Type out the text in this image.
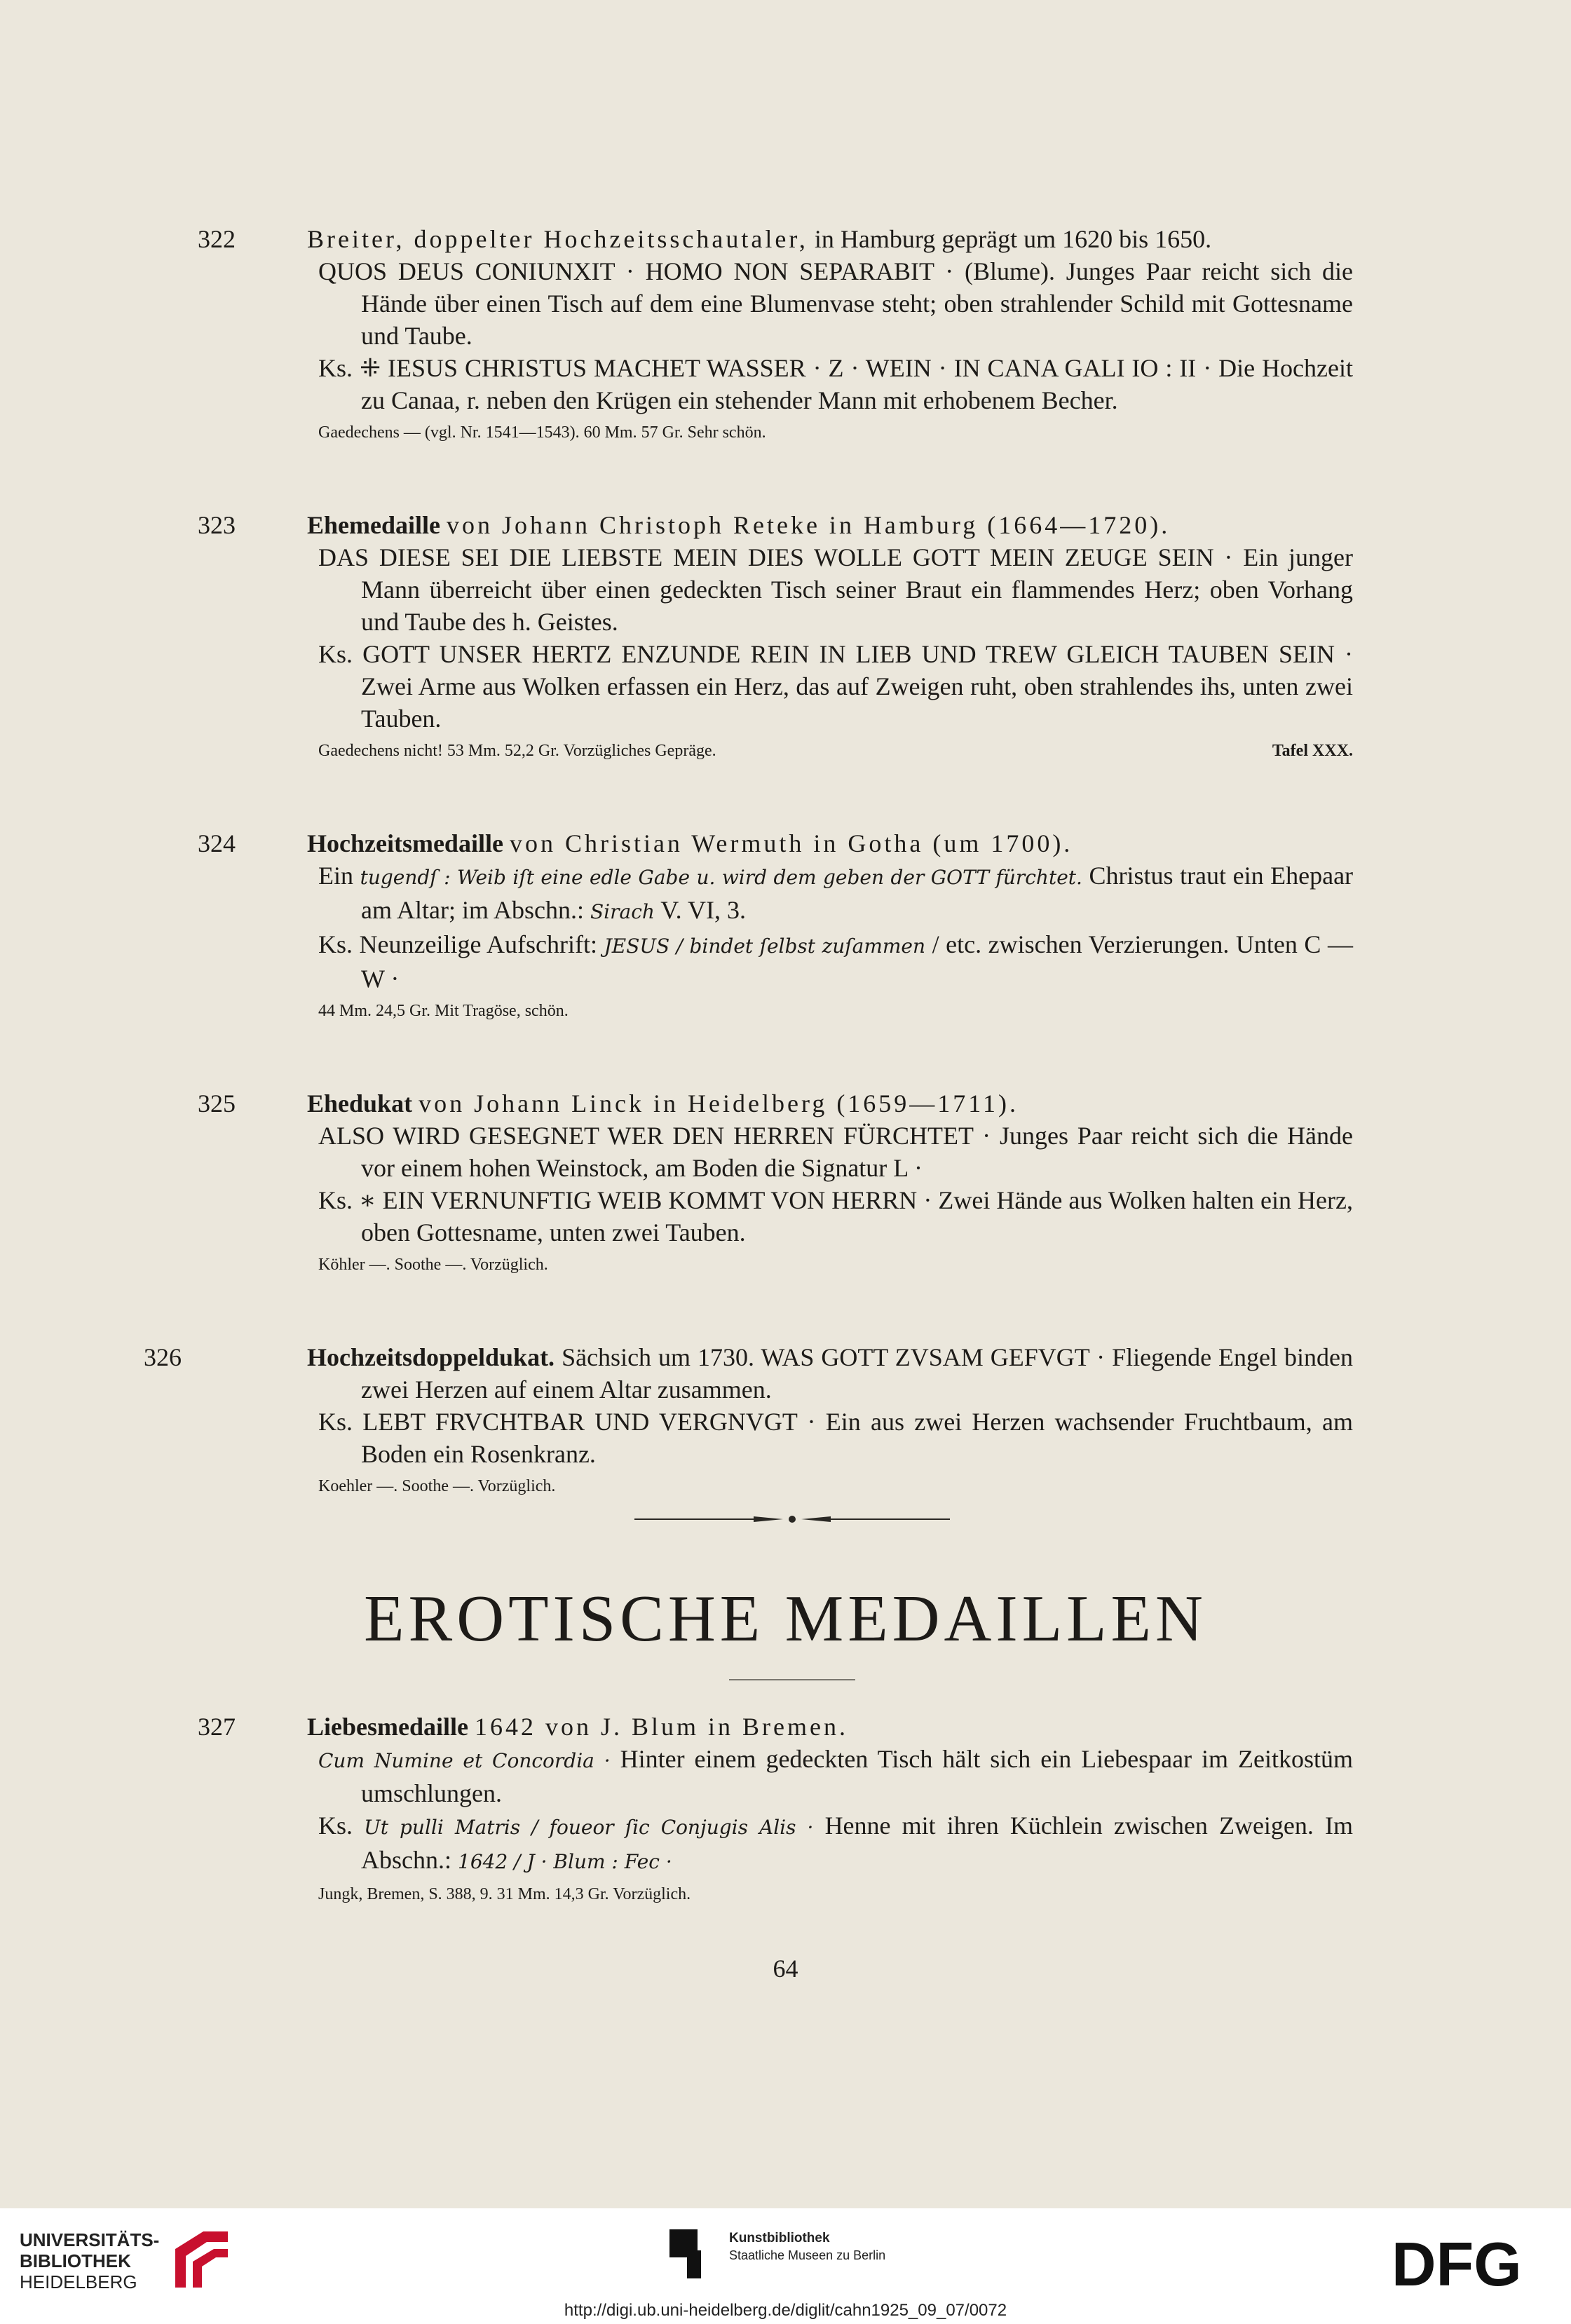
322	Breiter, doppelter Hochzeitsschautaler, in Hamburg geprägt um 1620 bis 1650.

QUOS DEUS CONIUNXIT · HOMO NON SEPARABIT · (Blume). Junges Paar reicht sich die Hände über einen Tisch auf dem eine Blumenvase steht; oben strahlender Schild mit Gottesname und Taube.

Ks. ⁜ IESUS CHRISTUS MACHET WASSER · Z · WEIN · IN CANA GALI IO : II · Die Hochzeit zu Canaa, r. neben den Krügen ein stehender Mann mit erhobenem Becher.

Gaedechens — (vgl. Nr. 1541—1543). 60 Mm. 57 Gr. Sehr schön.

323	Ehemedaille von Johann Christoph Reteke in Hamburg (1664—1720).

DAS DIESE SEI DIE LIEBSTE MEIN DIES WOLLE GOTT MEIN ZEUGE SEIN · Ein junger Mann überreicht über einen gedeckten Tisch seiner Braut ein flammendes Herz; oben Vorhang und Taube des h. Geistes.

Ks. GOTT UNSER HERTZ ENZUNDE REIN IN LIEB UND TREW GLEICH TAUBEN SEIN · Zwei Arme aus Wolken erfassen ein Herz, das auf Zweigen ruht, oben strahlendes ihs, unten zwei Tauben.

Gaedechens nicht! 53 Mm. 52,2 Gr. Vorzügliches Gepräge.	Tafel XXX.

324	Hochzeitsmedaille von Christian Wermuth in Gotha (um 1700).

Ein tugendſ : Weib iſt eine edle Gabe u. wird dem geben der GOTT fürchtet. Christus traut ein Ehepaar am Altar; im Abschn.: Sirach V. VI, 3.

Ks. Neunzeilige Aufschrift: JESUS / bindet ſelbst zuſammen / etc. zwischen Verzierungen. Unten C — W ·

44 Mm. 24,5 Gr. Mit Tragöse, schön.

325	Ehedukat von Johann Linck in Heidelberg (1659—1711).

ALSO WIRD GESEGNET WER DEN HERREN FÜRCHTET · Junges Paar reicht sich die Hände vor einem hohen Weinstock, am Boden die Signatur L ·

Ks. ∗ EIN VERNUNFTIG WEIB KOMMT VON HERRN · Zwei Hände aus Wolken halten ein Herz, oben Gottesname, unten zwei Tauben.

Köhler —. Soothe —. Vorzüglich.

326	Hochzeitsdoppeldukat. Sächsich um 1730. WAS GOTT ZVSAM GEFVGT · Fliegende Engel binden zwei Herzen auf einem Altar zusammen.

Ks. LEBT FRVCHTBAR UND VERGNVGT · Ein aus zwei Herzen wachsender Fruchtbaum, am Boden ein Rosenkranz.

Koehler —. Soothe —. Vorzüglich.

EROTISCHE MEDAILLEN

327	Liebesmedaille 1642 von J. Blum in Bremen.

Cum Numine et Concordia · Hinter einem gedeckten Tisch hält sich ein Liebespaar im Zeitkostüm umschlungen.

Ks. Ut pulli Matris / foueor ſic Conjugis Alis · Henne mit ihren Küchlein zwischen Zweigen. Im Abschn.: 1642 / J · Blum : Fec ·

Jungk, Bremen, S. 388, 9. 31 Mm. 14,3 Gr. Vorzüglich.

64
UNIVERSITÄTS-
BIBLIOTHEK
HEIDELBERG
Kunstbibliothek
Staatliche Museen zu Berlin	DFG
http://digi.ub.uni-heidelberg.de/diglit/cahn1925_09_07/0072
